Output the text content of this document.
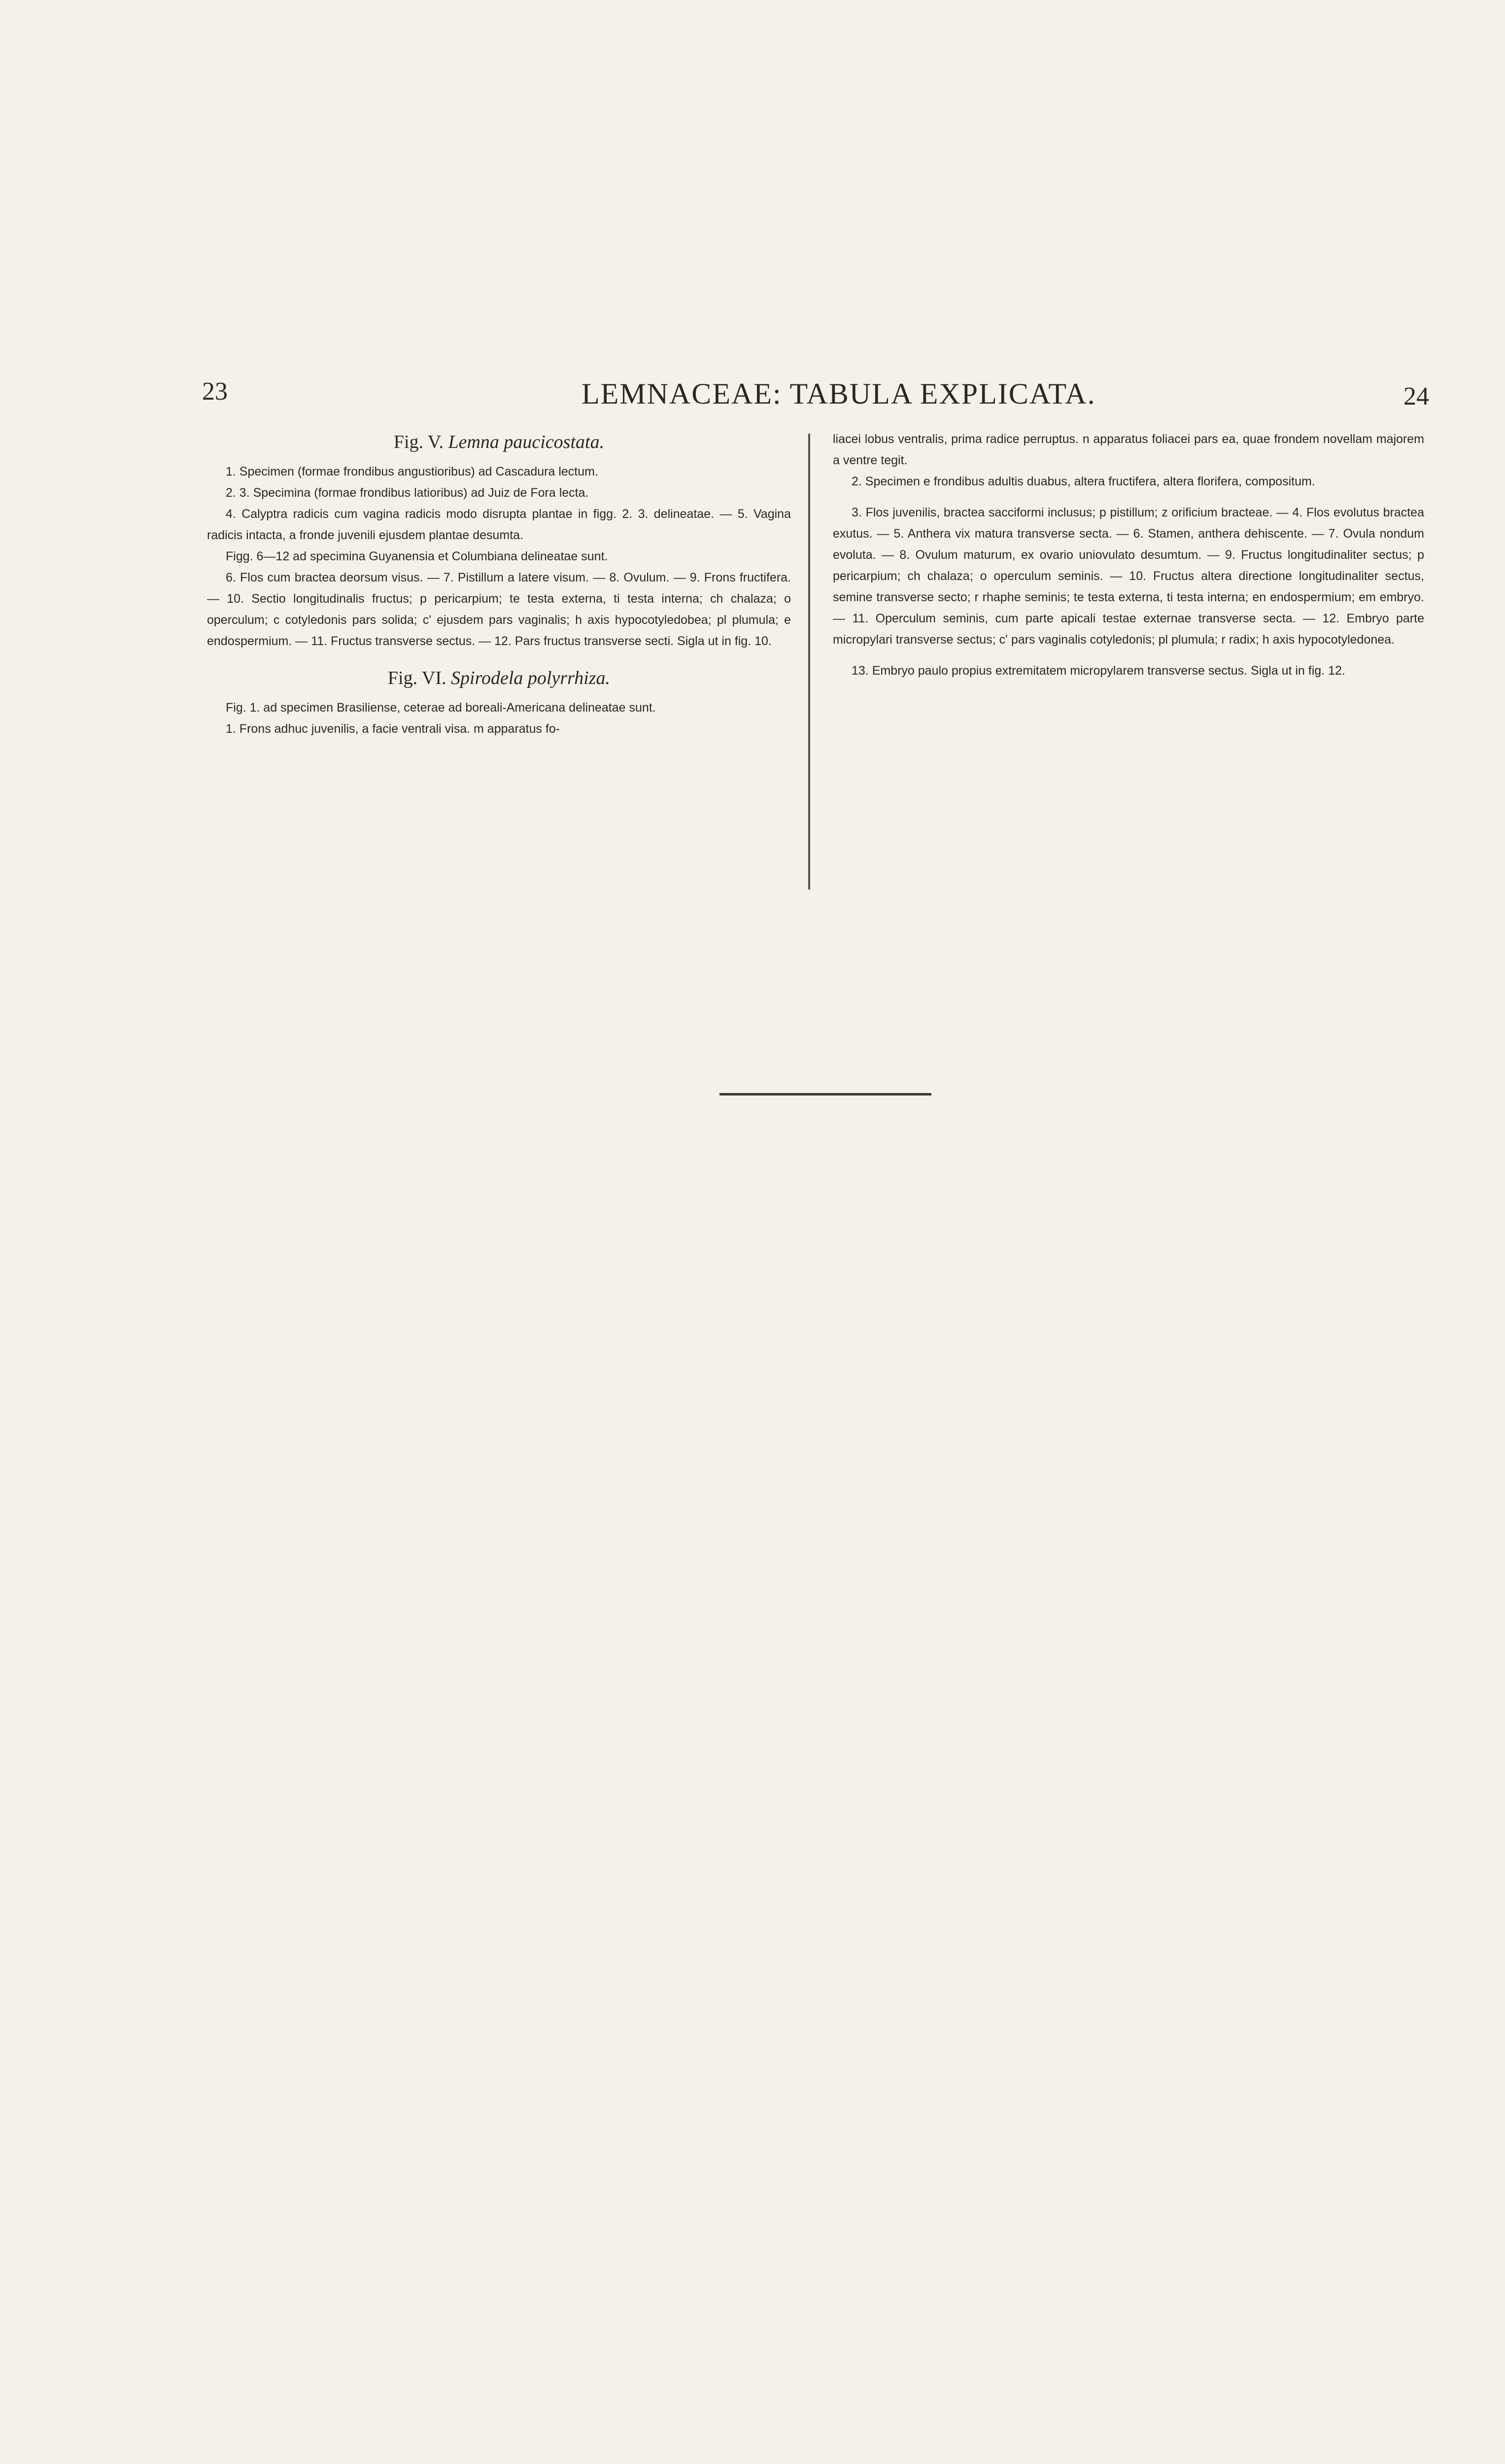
23	LEMNACEAE: TABULA EXPLICATA.	24
Fig. V. Lemna paucicostata.

1. Specimen (formae frondibus angustioribus) ad Cascadura lectum.

2. 3. Specimina (formae frondibus latioribus) ad Juiz de Fora lecta.

4. Calyptra radicis cum vagina radicis modo disrupta plantae in figg. 2. 3. delineatae. — 5. Vagina radicis intacta, a fronde juvenili ejusdem plantae desumta.

Figg. 6—12 ad specimina Guyanensia et Columbiana delineatae sunt.

6. Flos cum bractea deorsum visus. — 7. Pistillum a latere visum. — 8. Ovulum. — 9. Frons fructifera. — 10. Sectio longitudinalis fructus; p pericarpium; te testa externa, ti testa interna; ch chalaza; o operculum; c cotyledonis pars solida; c' ejusdem pars vaginalis; h axis hypocotyledobea; pl plumula; e endospermium. — 11. Fructus transverse sectus. — 12. Pars fructus transverse secti. Sigla ut in fig. 10.

Fig. VI. Spirodela polyrrhiza.

Fig. 1. ad specimen Brasiliense, ceterae ad boreali-Americana delineatae sunt.

1. Frons adhuc juvenilis, a facie ventrali visa. m apparatus fo-

liacei lobus ventralis, prima radice perruptus. n apparatus foliacei pars ea, quae frondem novellam majorem a ventre tegit.

2. Specimen e frondibus adultis duabus, altera fructifera, altera florifera, compositum.

3. Flos juvenilis, bractea sacciformi inclusus; p pistillum; z orificium bracteae. — 4. Flos evolutus bractea exutus. — 5. Anthera vix matura transverse secta. — 6. Stamen, anthera dehiscente. — 7. Ovula nondum evoluta. — 8. Ovulum maturum, ex ovario uniovulato desumtum. — 9. Fructus longitudinaliter sectus; p pericarpium; ch chalaza; o operculum seminis. — 10. Fructus altera directione longitudinaliter sectus, semine transverse secto; r rhaphe seminis; te testa externa, ti testa interna; en endospermium; em embryo. — 11. Operculum seminis, cum parte apicali testae externae transverse secta. — 12. Embryo parte micropylari transverse sectus; c' pars vaginalis cotyledonis; pl plumula; r radix; h axis hypocotyledonea.

13. Embryo paulo propius extremitatem micropylarem transverse sectus. Sigla ut in fig. 12.
